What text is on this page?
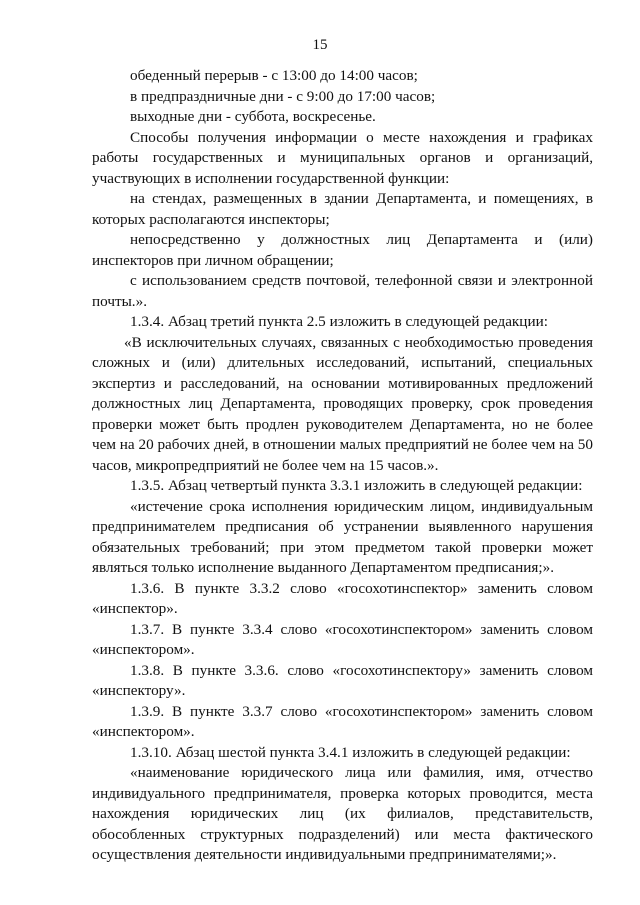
15

обеденный перерыв - с 13:00 до 14:00 часов;

в предпраздничные дни - с 9:00 до 17:00 часов;

выходные дни - суббота, воскресенье.

Способы получения информации о месте нахождения и графиках работы государственных и муниципальных органов и организаций, участвующих в исполнении государственной функции:

на стендах, размещенных в здании Департамента, и помещениях, в которых располагаются инспекторы;

непосредственно у должностных лиц Департамента и (или) инспекторов при личном обращении;

с использованием средств почтовой, телефонной связи и электронной почты.».

1.3.4. Абзац третий пункта 2.5 изложить в следующей редакции:

«В исключительных случаях, связанных с необходимостью проведения сложных и (или) длительных исследований, испытаний, специальных экспертиз и расследований, на основании мотивированных предложений должностных лиц Департамента, проводящих проверку, срок проведения проверки может быть продлен руководителем Департамента, но не более чем на 20 рабочих дней, в отношении малых предприятий не более чем на 50 часов, микропредприятий не более чем на 15 часов.».

1.3.5. Абзац четвертый пункта 3.3.1 изложить в следующей редакции:

«истечение срока исполнения юридическим лицом, индивидуальным предпринимателем предписания об устранении выявленного нарушения обязательных требований; при этом предметом такой проверки может являться только исполнение выданного Департаментом предписания;».

1.3.6. В пункте 3.3.2 слово «госохотинспектор» заменить словом «инспектор».

1.3.7. В пункте 3.3.4 слово «госохотинспектором» заменить словом «инспектором».

1.3.8. В пункте 3.3.6. слово «госохотинспектору» заменить словом «инспектору».

1.3.9. В пункте 3.3.7 слово «госохотинспектором» заменить словом «инспектором».

1.3.10. Абзац шестой пункта 3.4.1 изложить в следующей редакции:

«наименование юридического лица или фамилия, имя, отчество индивидуального предпринимателя, проверка которых проводится, места нахождения юридических лиц (их филиалов, представительств, обособленных структурных подразделений) или места фактического осуществления деятельности индивидуальными предпринимателями;».
